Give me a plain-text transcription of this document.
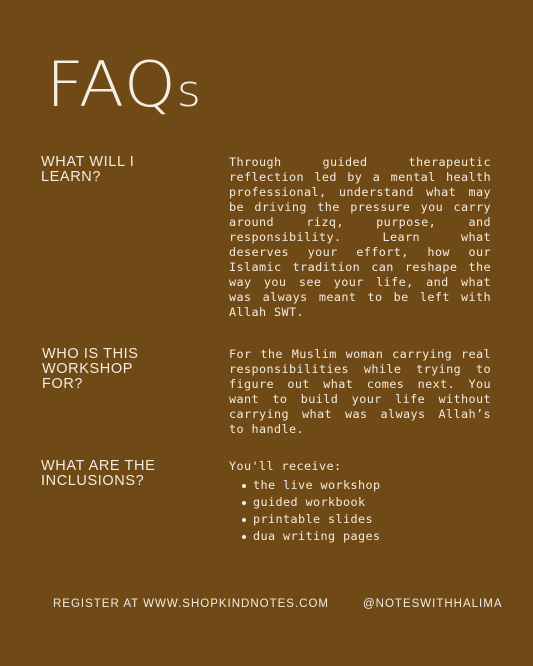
FAQs
WHAT WILL I LEARN?
Through guided therapeutic reflection led by a mental health professional, understand what may be driving the pressure you carry around rizq, purpose, and responsibility. Learn what deserves your effort, how our Islamic tradition can reshape the way you see your life, and what was always meant to be left with Allah SWT.
WHO IS THIS WORKSHOP FOR?
For the Muslim woman carrying real responsibilities while trying to figure out what comes next. You want to build your life without carrying what was always Allah’s to handle.
WHAT ARE THE INCLUSIONS?
You'll receive:
the live workshop
guided workbook
printable slides
dua writing pages
REGISTER AT WWW.SHOPKINDNOTES.COM	@NOTESWITHHALIMA
